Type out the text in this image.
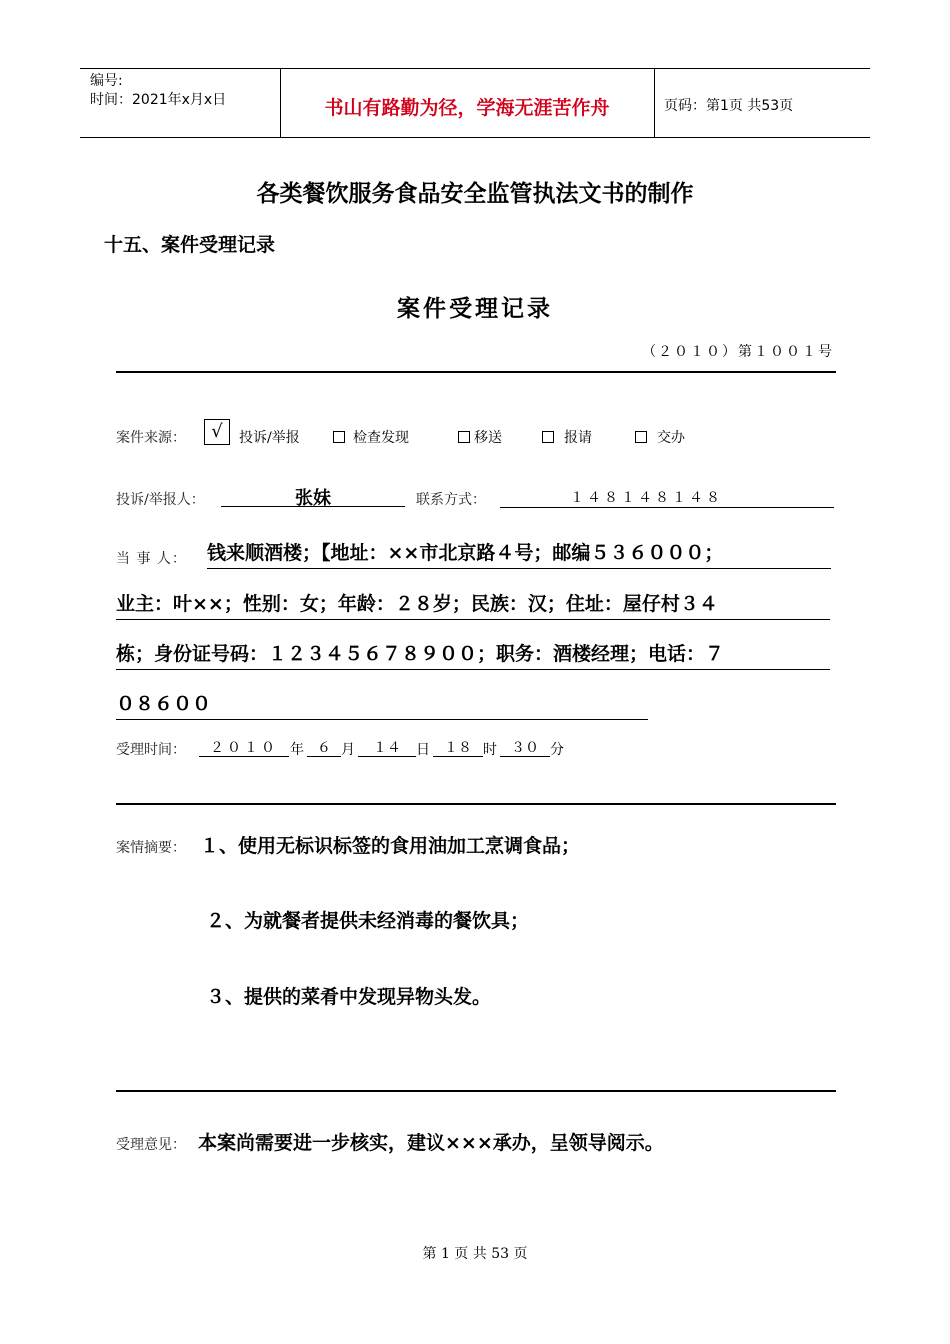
编号:
时间：2021年x月x日	书山有路勤为径，学海无涯苦作舟	页码：第1页 共53页
各类餐饮服务食品安全监管执法文书的制作
十五、案件受理记录
案件受理记录
（２０１０）第１００１号
案件来源：	√	投诉/举报	检查发现	移送	报请	交办
投诉/举报人：	张妹	联系方式：	１４８１４８１４８
当 事 人： 钱来顺酒楼；【地址：××市北京路４号；邮编５３６０００；
业主：叶××；性别：女；年龄：２８岁；民族：汉；住址：屋仔村３４
栋；身份证号码：１２３４５６７８９００；职务：酒楼经理；电话：７
０８６００
受理时间：	２０１０ 年 ６ 月	１４	日	１８ 时	３０ 分
案情摘要： １、使用无标识标签的食用油加工烹调食品；
２、为就餐者提供未经消毒的餐饮具；
３、提供的菜肴中发现异物头发。
受理意见： 本案尚需要进一步核实，建议×××承办，呈领导阅示。
第 1 页 共 53 页
